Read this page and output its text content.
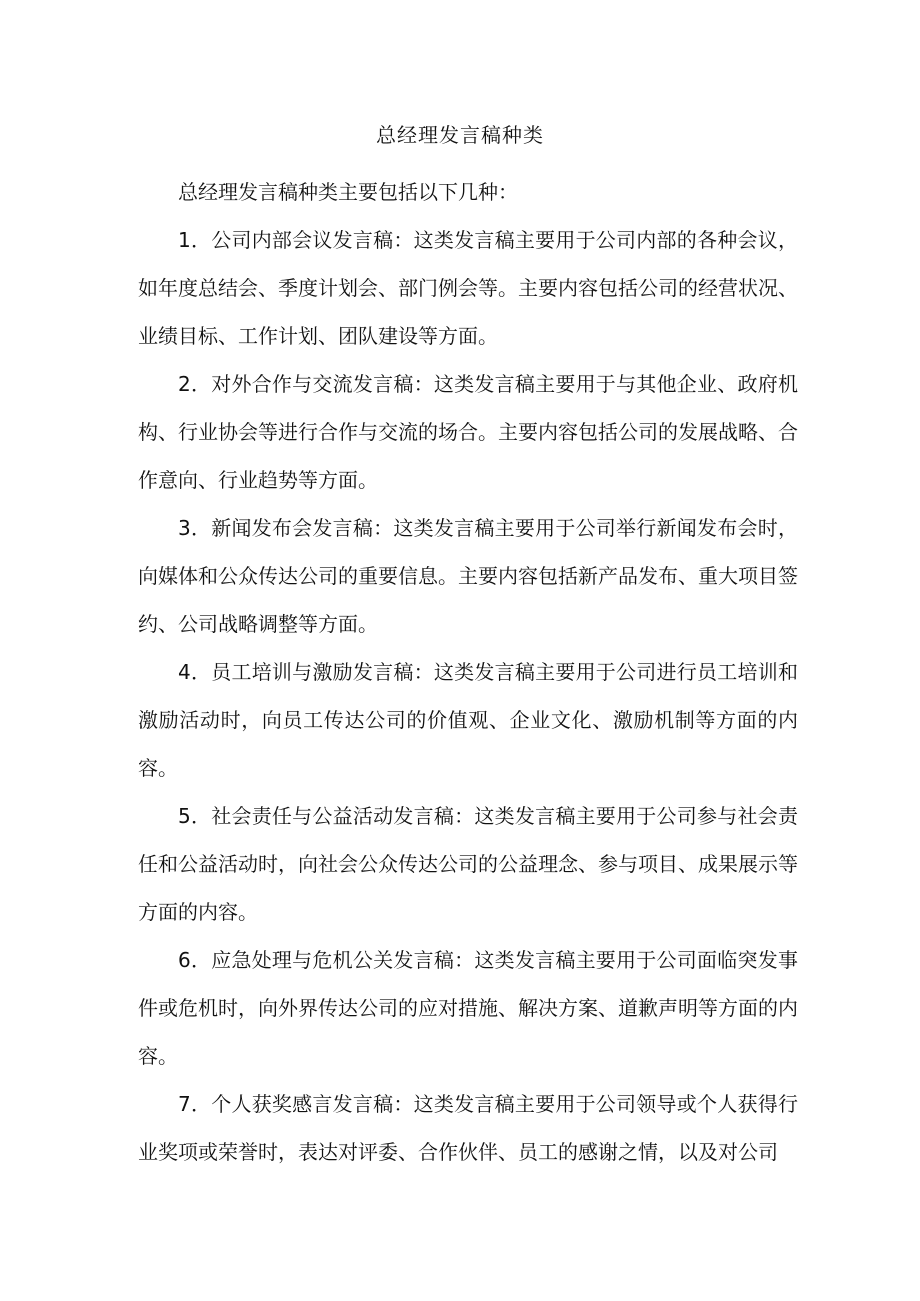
总经理发言稿种类

总经理发言稿种类主要包括以下几种：

1．公司内部会议发言稿：这类发言稿主要用于公司内部的各种会议，如年度总结会、季度计划会、部门例会等。主要内容包括公司的经营状况、业绩目标、工作计划、团队建设等方面。

2．对外合作与交流发言稿：这类发言稿主要用于与其他企业、政府机构、行业协会等进行合作与交流的场合。主要内容包括公司的发展战略、合作意向、行业趋势等方面。

3．新闻发布会发言稿：这类发言稿主要用于公司举行新闻发布会时，向媒体和公众传达公司的重要信息。主要内容包括新产品发布、重大项目签约、公司战略调整等方面。

4．员工培训与激励发言稿：这类发言稿主要用于公司进行员工培训和激励活动时，向员工传达公司的价值观、企业文化、激励机制等方面的内容。

5．社会责任与公益活动发言稿：这类发言稿主要用于公司参与社会责任和公益活动时，向社会公众传达公司的公益理念、参与项目、成果展示等方面的内容。

6．应急处理与危机公关发言稿：这类发言稿主要用于公司面临突发事件或危机时，向外界传达公司的应对措施、解决方案、道歉声明等方面的内容。

7．个人获奖感言发言稿：这类发言稿主要用于公司领导或个人获得行业奖项或荣誉时，表达对评委、合作伙伴、员工的感谢之情，以及对公司
